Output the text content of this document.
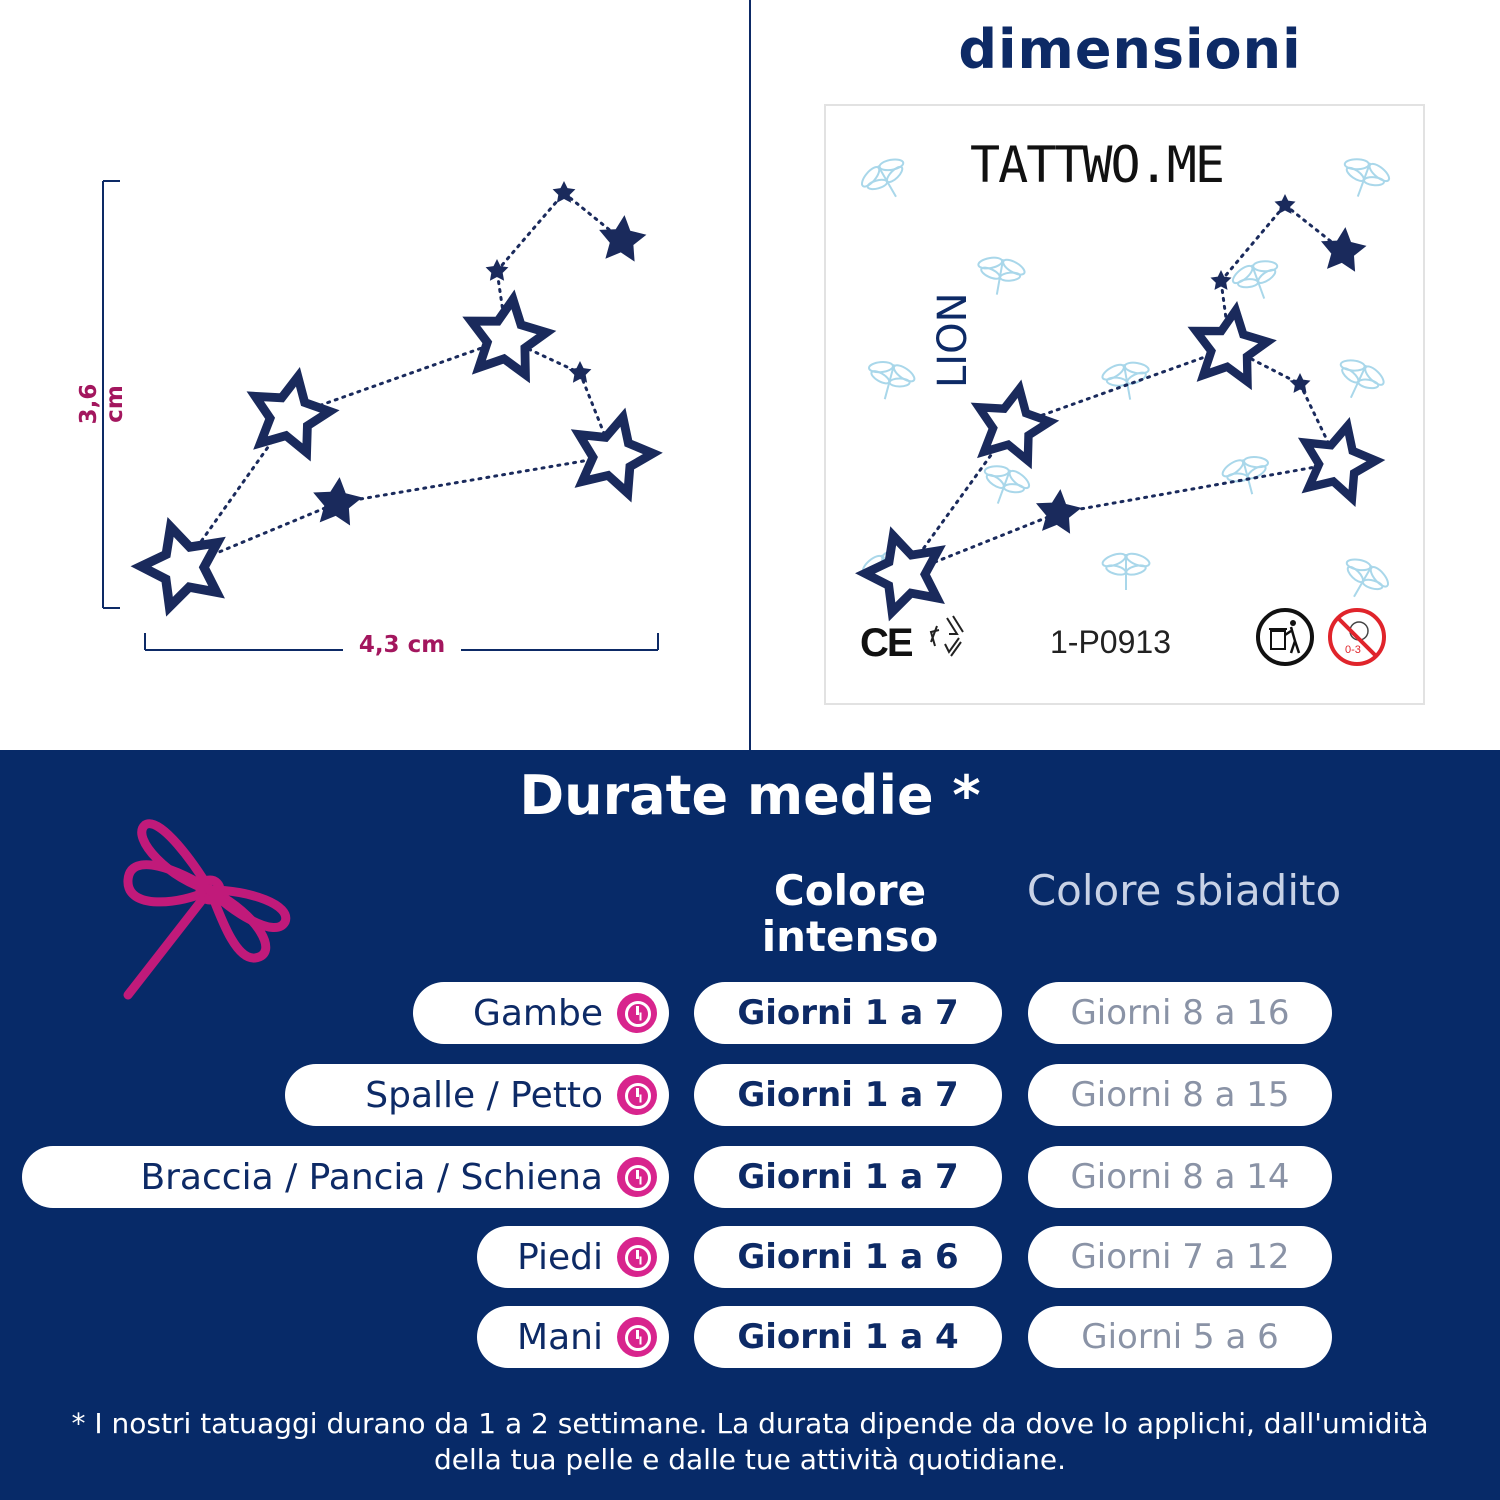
4,3 cm
3,6 cm
dimensioni
0-3
TATTWO.ME
LION
CE	1-P0913
Durate medie *
Colore intenso
Colore sbiadito
Gambe	Giorni 1 a 7	Giorni 8 a 16
Spalle / Petto	Giorni 1 a 7	Giorni 8 a 15
Braccia / Pancia / Schiena	Giorni 1 a 7	Giorni 8 a 14
Piedi	Giorni 1 a 6	Giorni 7 a 12
Mani	Giorni 1 a 4	Giorni 5 a 6
* I nostri tatuaggi durano da 1 a 2 settimane. La durata dipende da dove lo applichi, dall'umidità della tua pelle e dalle tue attività quotidiane.
